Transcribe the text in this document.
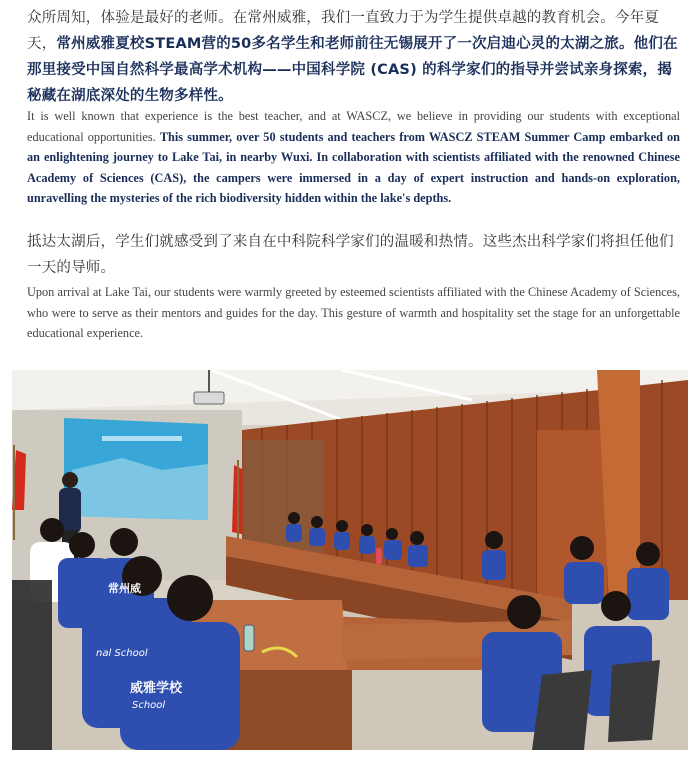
众所周知，体验是最好的老师。在常州威雅，我们一直致力于为学生提供卓越的教育机会。今年夏天，常州威雅夏校STEAM营的50多名学生和老师前往无锡展开了一次启迪心灵的太湖之旅。他们在那里接受中国自然科学最高学术机构——中国科学院 (CAS) 的科学家们的指导并尝试亲身探索，揭秘藏在湖底深处的生物多样性。

It is well known that experience is the best teacher, and at WASCZ, we believe in providing our students with exceptional educational opportunities. This summer, over 50 students and teachers from WASCZ STEAM Summer Camp embarked on an enlightening journey to Lake Tai, in nearby Wuxi. In collaboration with scientists affiliated with the renowned Chinese Academy of Sciences (CAS), the campers were immersed in a day of expert instruction and hands-on exploration, unravelling the mysteries of the rich biodiversity hidden within the lake's depths.

抵达太湖后，学生们就感受到了来自在中科院科学家们的温暖和热情。这些杰出科学家们将担任他们一天的导师。

Upon arrival at Lake Tai, our students were warmly greeted by esteemed scientists affiliated with the Chinese Academy of Sciences, who were to serve as their mentors and guides for the day. This gesture of warmth and hospitality set the stage for an unforgettable educational experience.

常州威
nal School
威雅学校
School
